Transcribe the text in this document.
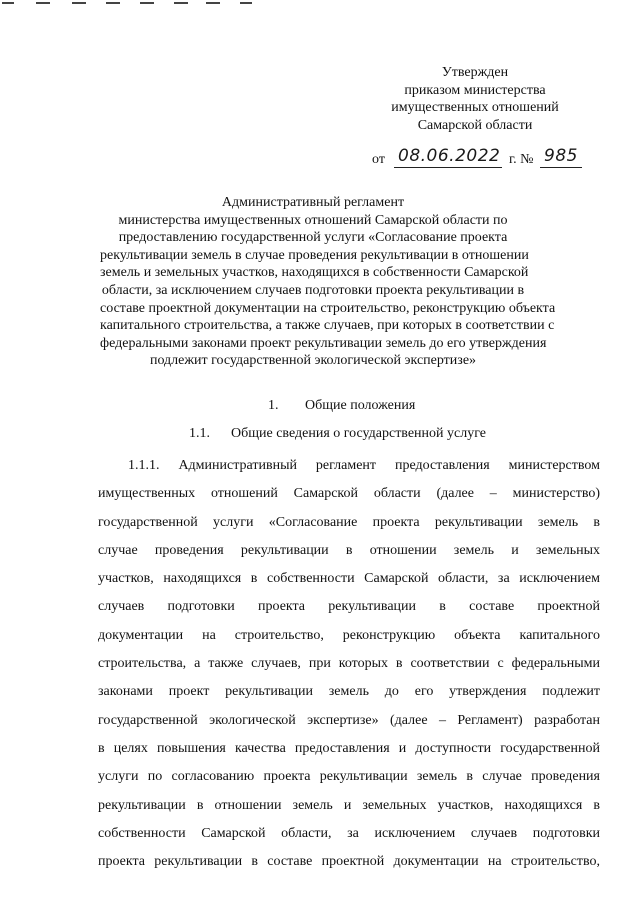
Утвержден
приказом министерства
имущественных отношений
Самарской области
от 08.06.2022 г. № 985
Административный регламент
министерства имущественных отношений Самарской области по
предоставлению государственной услуги «Согласование проекта
рекультивации земель в случае проведения рекультивации в отношении
земель и земельных участков, находящихся в собственности Самарской
области, за исключением случаев подготовки проекта рекультивации в
составе проектной документации на строительство, реконструкцию объекта
капитального строительства, а также случаев, при которых в соответствии с
федеральными законами проект рекультивации земель до его утверждения
подлежит государственной экологической экспертизе»
1. Общие положения
1.1. Общие сведения о государственной услуге
1.1.1. Административный регламент предоставления министерством
имущественных отношений Самарской области (далее – министерство)
государственной услуги «Согласование проекта рекультивации земель в
случае проведения рекультивации в отношении земель и земельных
участков, находящихся в собственности Самарской области, за исключением
случаев подготовки проекта рекультивации в составе проектной
документации на строительство, реконструкцию объекта капитального
строительства, а также случаев, при которых в соответствии с федеральными
законами проект рекультивации земель до его утверждения подлежит
государственной экологической экспертизе» (далее – Регламент) разработан
в целях повышения качества предоставления и доступности государственной
услуги по согласованию проекта рекультивации земель в случае проведения
рекультивации в отношении земель и земельных участков, находящихся в
собственности Самарской области, за исключением случаев подготовки
проекта рекультивации в составе проектной документации на строительство,
